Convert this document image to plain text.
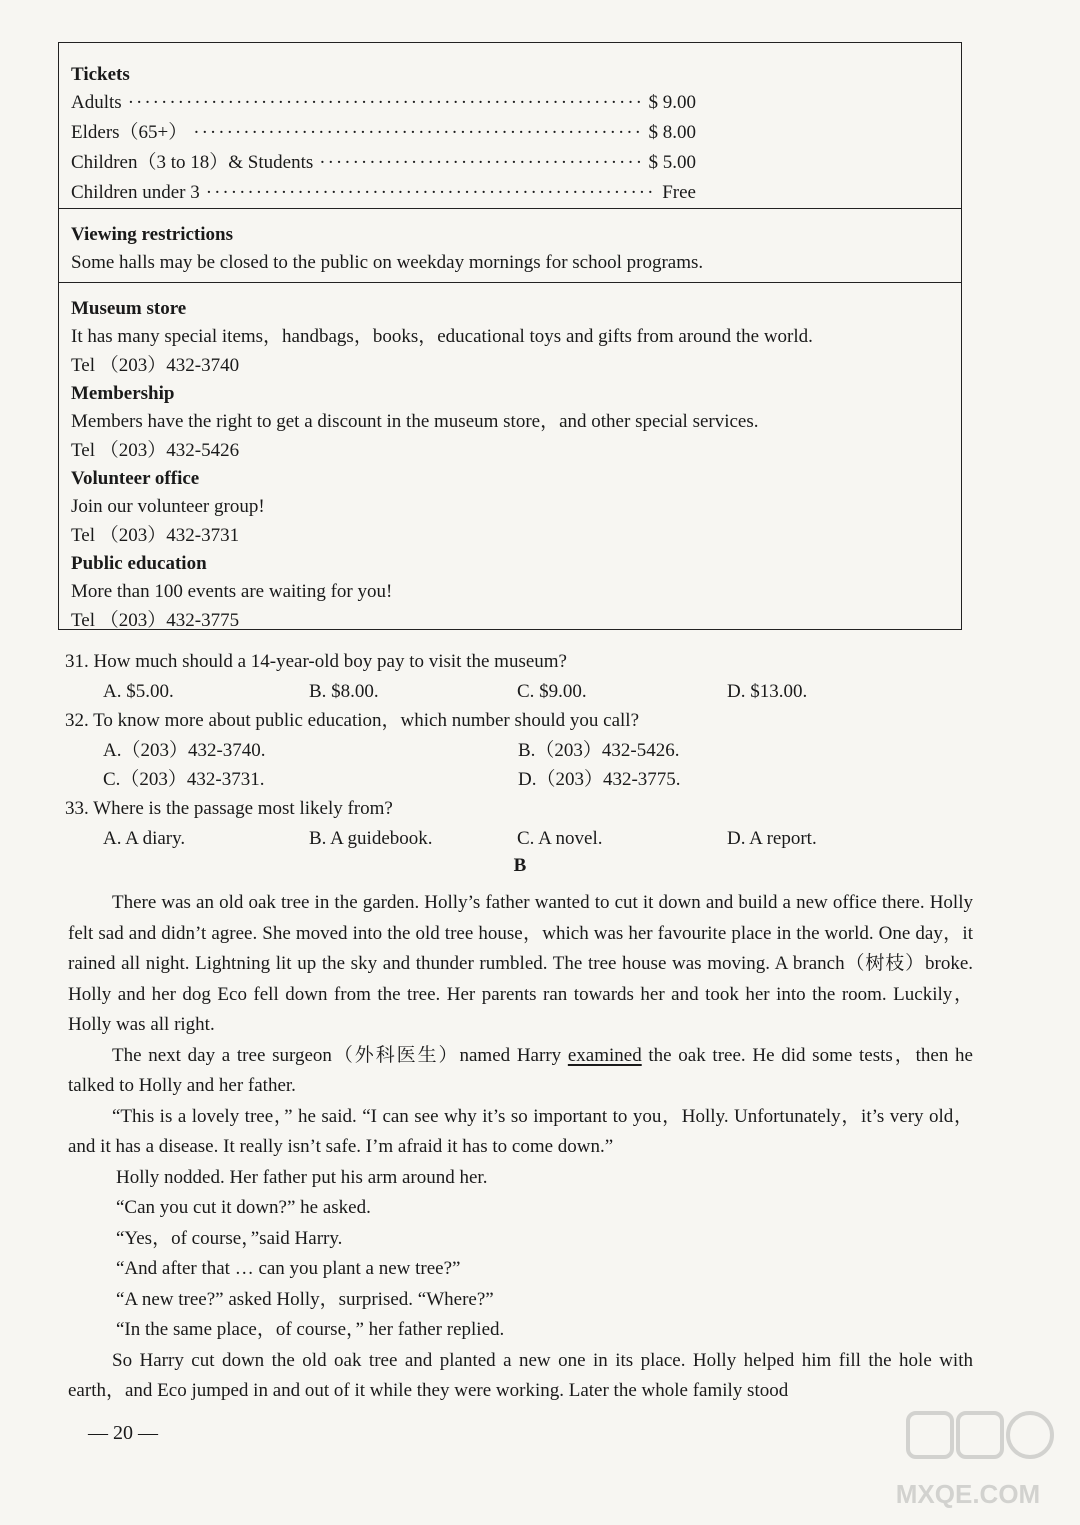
Tickets
Adults ·····	$ 9.00
Elders（65+） ·····	$ 8.00
Children（3 to 18）& Students ·····	$ 5.00
Children under 3 ·····	Free
Viewing restrictions
Some halls may be closed to the public on weekday mornings for school programs.
Museum store
It has many special items，handbags，books，educational toys and gifts from around the world.
Tel （203）432-3740
Membership
Members have the right to get a discount in the museum store，and other special services.
Tel （203）432-5426
Volunteer office
Join our volunteer group!
Tel （203）432-3731
Public education
More than 100 events are waiting for you!
Tel （203）432-3775
31. How much should a 14-year-old boy pay to visit the museum?
A. $5.00.	B. $8.00.	C. $9.00.	D. $13.00.
32. To know more about public education，which number should you call?
A.（203）432-3740.	B.（203）432-5426.
C.（203）432-3731.	D.（203）432-3775.
33. Where is the passage most likely from?
A. A diary.	B. A guidebook.	C. A novel.	D. A report.
B

There was an old oak tree in the garden. Holly’s father wanted to cut it down and build a new office there. Holly felt sad and didn’t agree. She moved into the old tree house，which was her favourite place in the world. One day，it rained all night. Lightning lit up the sky and thunder rumbled. The tree house was moving. A branch（树枝）broke. Holly and her dog Eco fell down from the tree. Her parents ran towards her and took her into the room. Luckily，Holly was all right.

The next day a tree surgeon（外科医生）named Harry examined the oak tree. He did some tests，then he talked to Holly and her father.

“This is a lovely tree，” he said. “I can see why it’s so important to you，Holly. Unfortunately，it’s very old，and it has a disease. It really isn’t safe. I’m afraid it has to come down.”

Holly nodded. Her father put his arm around her.

“Can you cut it down?” he asked.

“Yes，of course，”said Harry.

“And after that … can you plant a new tree?”

“A new tree?” asked Holly，surprised. “Where?”

“In the same place，of course，” her father replied.

So Harry cut down the old oak tree and planted a new one in its place. Holly helped him fill the hole with earth，and Eco jumped in and out of it while they were working. Later the whole family stood

— 20 —
MXQE.COM
